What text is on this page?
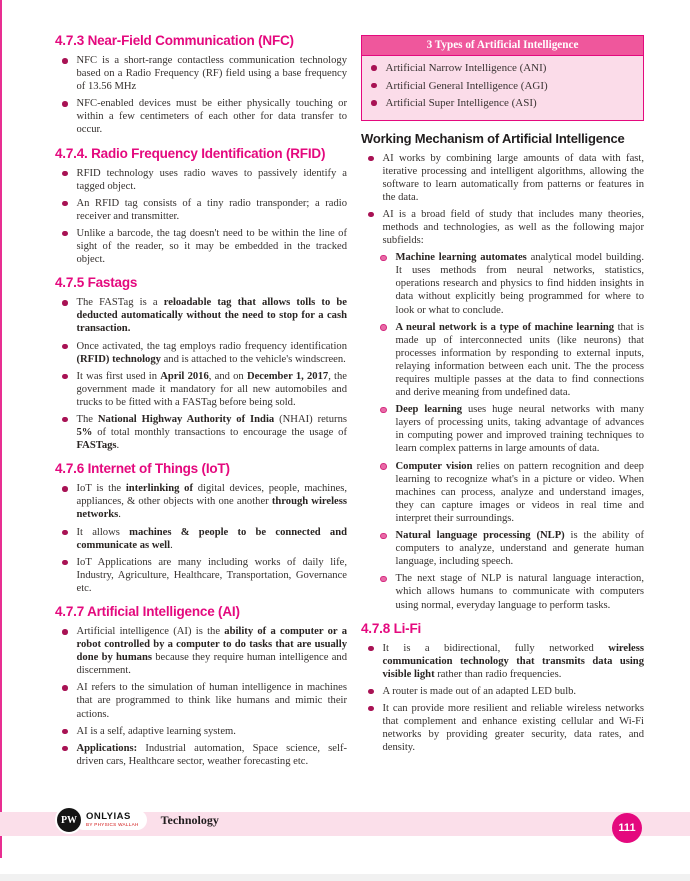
4.7.3 Near-Field Communication (NFC)

NFC is a short-range contactless communication technology based on a Radio Frequency (RF) field using a base frequency of 13.56 MHz

NFC-enabled devices must be either physically touching or within a few centimeters of each other for data transfer to occur.

4.7.4. Radio Frequency Identification (RFID)

RFID technology uses radio waves to passively identify a tagged object.

An RFID tag consists of a tiny radio transponder; a radio receiver and transmitter.

Unlike a barcode, the tag doesn't need to be within the line of sight of the reader, so it may be embedded in the tracked object.

4.7.5 Fastags

The FASTag is a reloadable tag that allows tolls to be deducted automatically without the need to stop for a cash transaction.

Once activated, the tag employs radio frequency identification (RFID) technology and is attached to the vehicle's windscreen.

It was first used in April 2016, and on December 1, 2017, the government made it mandatory for all new automobiles and trucks to be fitted with a FASTag before being sold.

The National Highway Authority of India (NHAI) returns 5% of total monthly transactions to encourage the usage of FASTags.

4.7.6 Internet of Things (IoT)

IoT is the interlinking of digital devices, people, machines, appliances, & other objects with one another through wireless networks.

It allows machines & people to be connected and communicate as well.

IoT Applications are many including works of daily life, Industry, Agriculture, Healthcare, Transportation, Governance etc.

4.7.7 Artificial Intelligence (AI)

Artificial intelligence (AI) is the ability of a computer or a robot controlled by a computer to do tasks that are usually done by humans because they require human intelligence and discernment.

AI refers to the simulation of human intelligence in machines that are programmed to think like humans and mimic their actions.

AI is a self, adaptive learning system.

Applications: Industrial automation, Space science, self- driven cars, Healthcare sector, weather forecasting etc.

3 Types of Artificial Intelligence

Artificial Narrow Intelligence (ANI)

Artificial General Intelligence (AGI)

Artificial Super Intelligence (ASI)

Working Mechanism of Artificial Intelligence

AI works by combining large amounts of data with fast, iterative processing and intelligent algorithms, allowing the software to learn automatically from patterns or features in the data.

AI is a broad field of study that includes many theories, methods and technologies, as well as the following major subfields:

Machine learning automates analytical model building. It uses methods from neural networks, statistics, operations research and physics to find hidden insights in data without explicitly being programmed for where to look or what to conclude.

A neural network is a type of machine learning that is made up of interconnected units (like neurons) that processes information by responding to external inputs, relaying information between each unit. The the process requires multiple passes at the data to find connections and derive meaning from undefined data.

Deep learning uses huge neural networks with many layers of processing units, taking advantage of advances in computing power and improved training techniques to learn complex patterns in large amounts of data.

Computer vision relies on pattern recognition and deep learning to recognize what's in a picture or video. When machines can process, analyze and understand images, they can capture images or videos in real time and interpret their surroundings.

Natural language processing (NLP) is the ability of computers to analyze, understand and generate human language, including speech.

The next stage of NLP is natural language interaction, which allows humans to communicate with computers using normal, everyday language to perform tasks.

4.7.8 Li-Fi

It is a bidirectional, fully networked wireless communication technology that transmits data using visible light rather than radio frequencies.

A router is made out of an adapted LED bulb.

It can provide more resilient and reliable wireless networks that complement and enhance existing cellular and Wi-Fi networks by providing greater security, data rates, and density.

PW ONLYIAS
BY PHYSICS WALLAH Technology
111
